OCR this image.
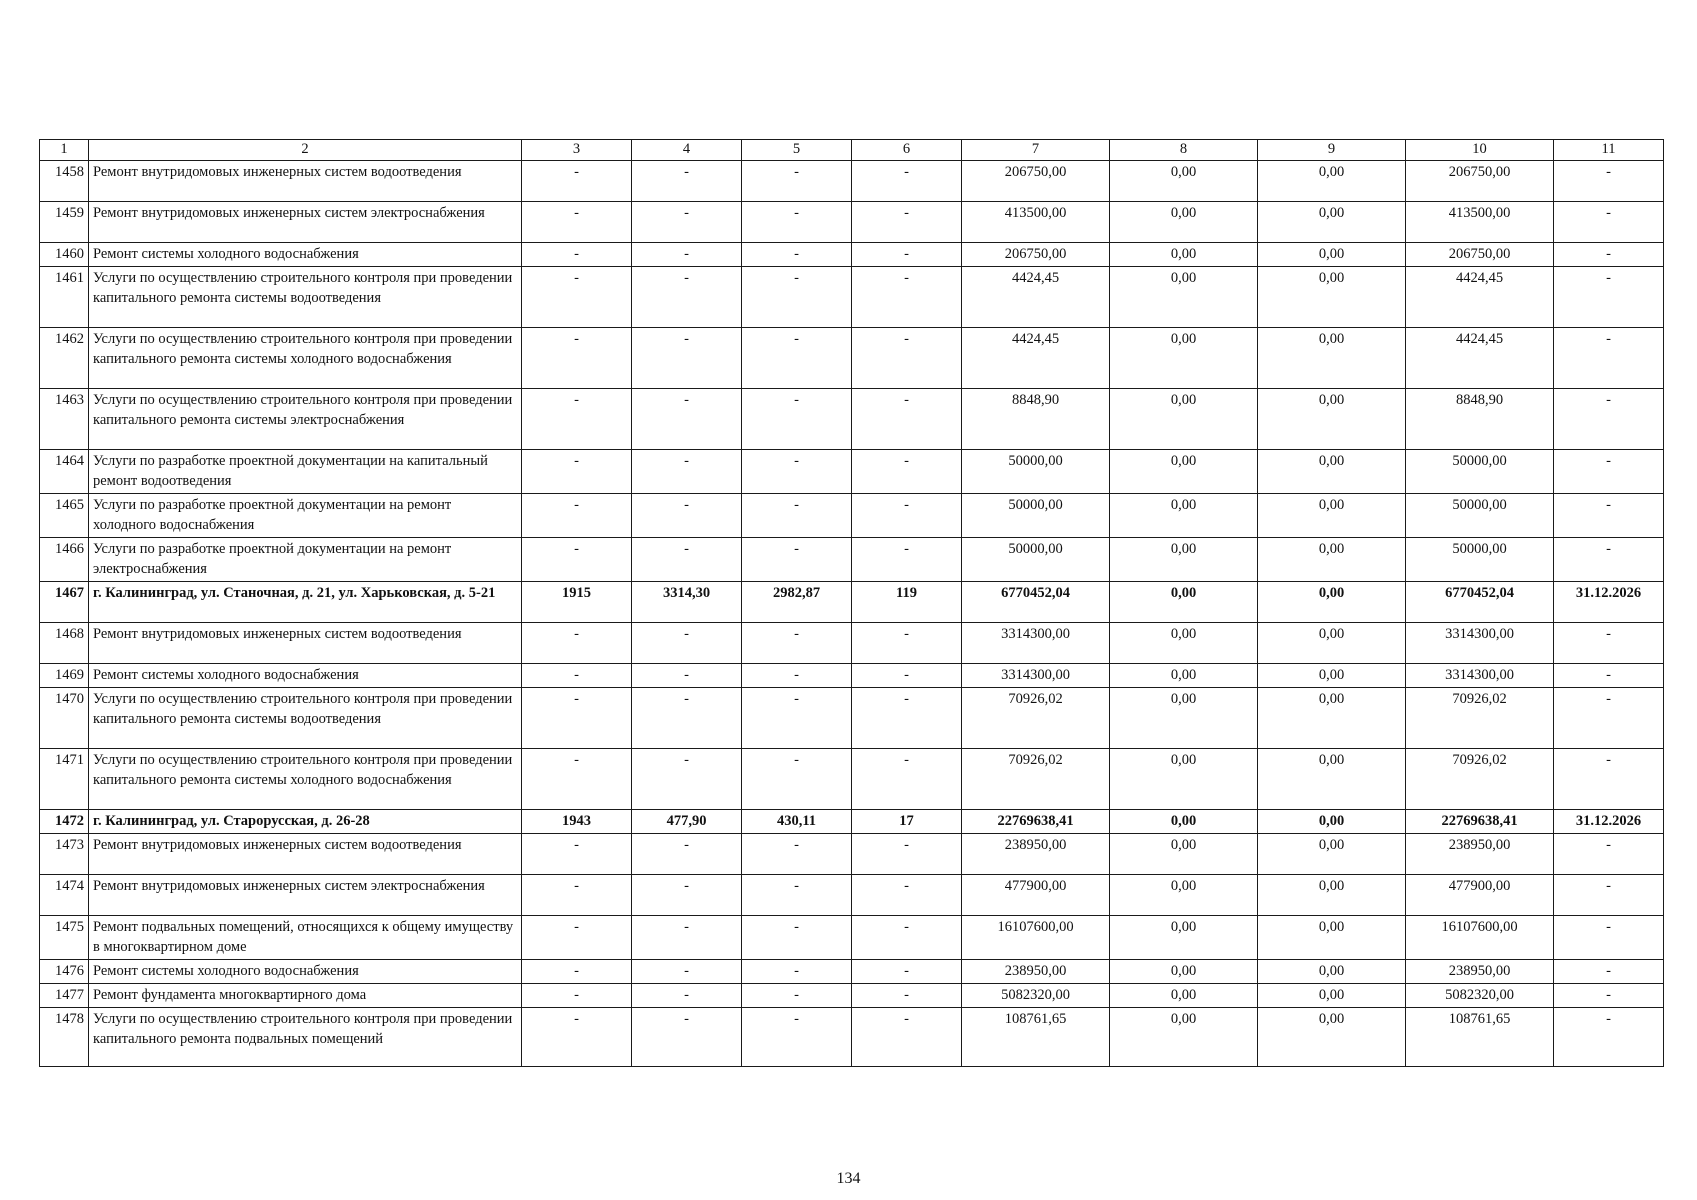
1	2	3	4	5	6	7	8	9	10	11
1458	Ремонт внутридомовых инженерных систем водоотведения	-	-	-	-	206750,00	0,00	0,00	206750,00	-
1459	Ремонт внутридомовых инженерных систем электроснабжения	-	-	-	-	413500,00	0,00	0,00	413500,00	-
1460	Ремонт системы холодного водоснабжения	-	-	-	-	206750,00	0,00	0,00	206750,00	-
1461	Услуги по осуществлению строительного контроля при проведении капитального ремонта системы водоотведения	-	-	-	-	4424,45	0,00	0,00	4424,45	-
1462	Услуги по осуществлению строительного контроля при проведении капитального ремонта системы холодного водоснабжения	-	-	-	-	4424,45	0,00	0,00	4424,45	-
1463	Услуги по осуществлению строительного контроля при проведении капитального ремонта системы электроснабжения	-	-	-	-	8848,90	0,00	0,00	8848,90	-
1464	Услуги по разработке проектной документации на капитальный ремонт водоотведения	-	-	-	-	50000,00	0,00	0,00	50000,00	-
1465	Услуги по разработке проектной документации на ремонт холодного водоснабжения	-	-	-	-	50000,00	0,00	0,00	50000,00	-
1466	Услуги по разработке проектной документации на ремонт электроснабжения	-	-	-	-	50000,00	0,00	0,00	50000,00	-
1467	г. Калининград, ул. Станочная, д. 21, ул. Харьковская, д. 5-21	1915	3314,30	2982,87	119	6770452,04	0,00	0,00	6770452,04	31.12.2026
1468	Ремонт внутридомовых инженерных систем водоотведения	-	-	-	-	3314300,00	0,00	0,00	3314300,00	-
1469	Ремонт системы холодного водоснабжения	-	-	-	-	3314300,00	0,00	0,00	3314300,00	-
1470	Услуги по осуществлению строительного контроля при проведении капитального ремонта системы водоотведения	-	-	-	-	70926,02	0,00	0,00	70926,02	-
1471	Услуги по осуществлению строительного контроля при проведении капитального ремонта системы холодного водоснабжения	-	-	-	-	70926,02	0,00	0,00	70926,02	-
1472	г. Калининград, ул. Старорусская, д. 26-28	1943	477,90	430,11	17	22769638,41	0,00	0,00	22769638,41	31.12.2026
1473	Ремонт внутридомовых инженерных систем водоотведения	-	-	-	-	238950,00	0,00	0,00	238950,00	-
1474	Ремонт внутридомовых инженерных систем электроснабжения	-	-	-	-	477900,00	0,00	0,00	477900,00	-
1475	Ремонт подвальных помещений, относящихся к общему имуществу в многоквартирном доме	-	-	-	-	16107600,00	0,00	0,00	16107600,00	-
1476	Ремонт системы холодного водоснабжения	-	-	-	-	238950,00	0,00	0,00	238950,00	-
1477	Ремонт фундамента многоквартирного дома	-	-	-	-	5082320,00	0,00	0,00	5082320,00	-
1478	Услуги по осуществлению строительного контроля при проведении капитального ремонта подвальных помещений	-	-	-	-	108761,65	0,00	0,00	108761,65	-
134
